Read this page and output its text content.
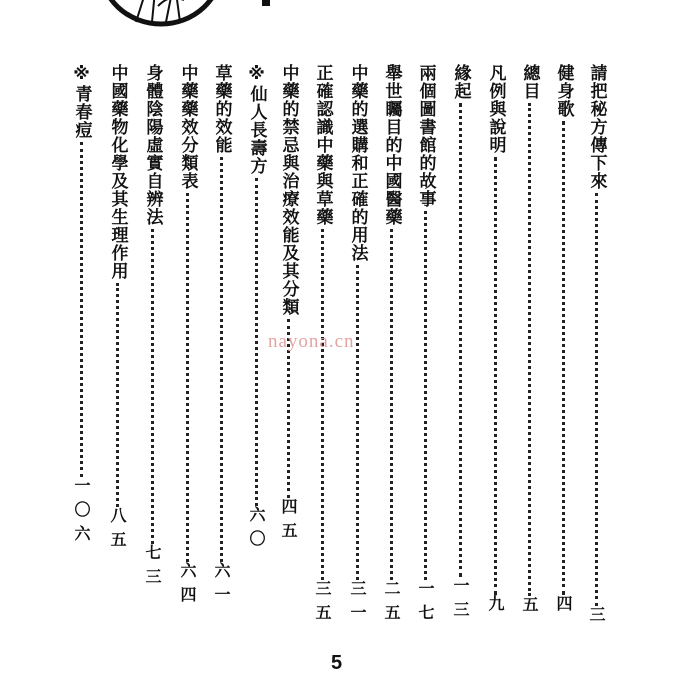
請把秘方傳下來
三
健身歌
四
總目
五
凡例與說明
九
緣起
一三
兩個圖書館的故事
一七
舉世矚目的中國醫藥
二五
中藥的選購和正確的用法
三一
正確認識中藥與草藥
三五
中藥的禁忌與治療效能及其分類
四五
※仙人長壽方
六〇
草藥的效能
六一
中藥藥效分類表
六四
身體陰陽虛實自辨法
七三
中國藥物化學及其生理作用
八五
※青春痘
一〇六
nayona.cn
5
